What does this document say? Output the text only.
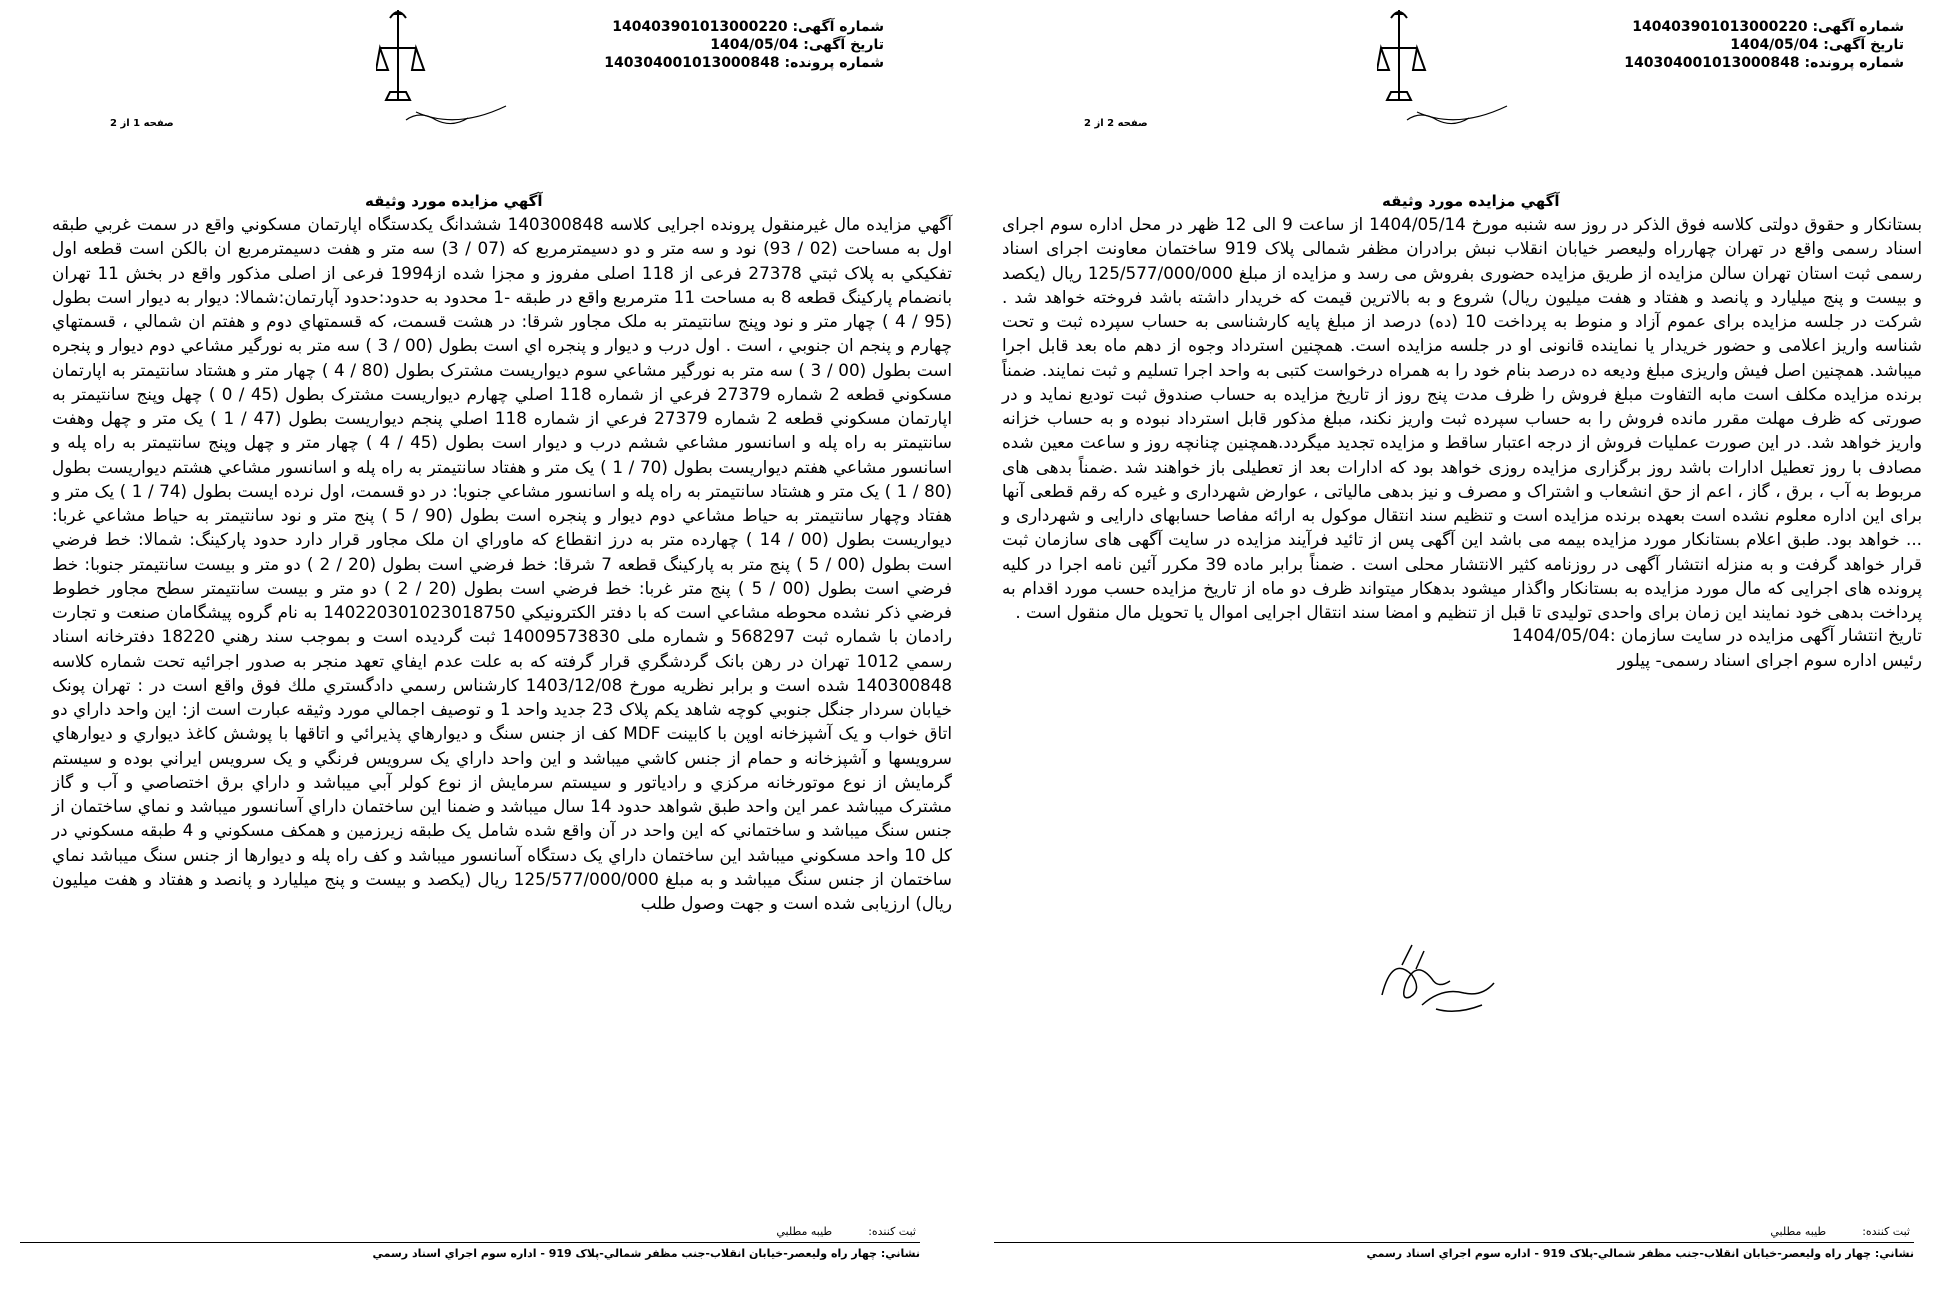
شماره آگهی: 140403901013000220
تاریخ آگهی: 1404/05/04
شماره پرونده: 140304001013000848
صفحه 1 از 2
آگهي مزايده مورد وثيقه

آگهي مزايده مال غيرمنقول پرونده اجرايی کلاسه 140300848 ششدانگ يکدستگاه اپارتمان مسکوني واقع در سمت غربي طبقه اول به مساحت (02 / 93) نود و سه متر و دو دسيمترمربع که (07 / 3) سه متر و هفت دسيمترمربع ان بالکن است قطعه اول تفکيکي به پلاک ثبتي 27378 فرعی از 118 اصلی مفروز و مجزا شده از1994 فرعی از اصلی مذکور واقع در بخش 11 تهران بانضمام پارکينگ قطعه 8 به مساحت 11 مترمربع واقع در طبقه -1 محدود به حدود:حدود آپارتمان:شمالا: ديوار به ديوار است بطول (95 / 4 ) چهار متر و نود وپنج سانتيمتر به ملک مجاور شرقا: در هشت قسمت، که قسمتهاي دوم و هفتم ان شمالي ، قسمتهاي چهارم و پنجم ان جنوبي ، است . اول درب و ديوار و پنجره اي است بطول (00 / 3 ) سه متر به نورگير مشاعي دوم ديوار و پنجره است بطول (00 / 3 ) سه متر به نورگير مشاعي سوم ديواريست مشترک بطول (80 / 4 ) چهار متر و هشتاد سانتيمتر به اپارتمان مسکوني قطعه 2 شماره 27379 فرعي از شماره 118 اصلي چهارم ديواريست مشترک بطول (45 / 0 ) چهل وپنج سانتيمتر به اپارتمان مسکوني قطعه 2 شماره 27379 فرعي از شماره 118 اصلي پنجم ديواريست بطول (47 / 1 ) يک متر و چهل وهفت سانتيمتر به راه پله و اسانسور مشاعي ششم درب و ديوار است بطول (45 / 4 ) چهار متر و چهل وپنج سانتيمتر به راه پله و اسانسور مشاعي هفتم ديواريست بطول (70 / 1 ) يک متر و هفتاد سانتيمتر به راه پله و اسانسور مشاعي هشتم ديواريست بطول (80 / 1 ) يک متر و هشتاد سانتيمتر به راه پله و اسانسور مشاعي جنوبا: در دو قسمت، اول نرده ايست بطول (74 / 1 ) يک متر و هفتاد وچهار سانتيمتر به حياط مشاعي دوم ديوار و پنجره است بطول (90 / 5 ) پنج متر و نود سانتيمتر به حياط مشاعي غربا: ديواريست بطول (00 / 14 ) چهارده متر به درز انقطاع که ماوراي ان ملک مجاور قرار دارد حدود پارکينگ: شمالا: خط فرضي است بطول (00 / 5 ) پنج متر به پارکينگ قطعه 7 شرقا: خط فرضي است بطول (20 / 2 ) دو متر و بيست سانتيمتر جنوبا: خط فرضي است بطول (00 / 5 ) پنج متر غربا: خط فرضي است بطول (20 / 2 ) دو متر و بيست سانتيمتر سطح مجاور خطوط فرضي ذکر نشده محوطه مشاعي است که با دفتر الکترونيکي 140220301023018750 به نام گروه پيشگامان صنعت و تجارت رادمان با شماره ثبت 568297 و شماره ملی 14009573830 ثبت گرديده است و بموجب سند رهني 18220 دفترخانه اسناد رسمي 1012 تهران در رهن بانک گردشگري قرار گرفته که به علت عدم ايفاي تعهد منجر به صدور اجرائيه تحت شماره کلاسه 140300848 شده است و برابر نظريه مورخ 1403/12/08 کارشناس رسمي دادگستري ملك فوق واقع است در : تهران پونک خيابان سردار جنگل جنوبي کوچه شاهد يکم پلاک 23 جديد واحد 1 و توصيف اجمالي مورد وثيقه عبارت است از: اين واحد داراي دو اتاق خواب و يک آشپزخانه اوپن با کابينت MDF کف از جنس سنگ و ديوارهاي پذيرائي و اتاقها با پوشش کاغذ ديواري و ديوارهاي سرويسها و آشپزخانه و حمام از جنس کاشي ميباشد و اين واحد داراي يک سرويس فرنگي و يک سرويس ايراني بوده و سيستم گرمايش از نوع موتورخانه مرکزي و رادياتور و سيستم سرمايش از نوع کولر آبي ميباشد و داراي برق اختصاصي و آب و گاز مشترک ميباشد عمر اين واحد طبق شواهد حدود 14 سال ميباشد و ضمنا اين ساختمان داراي آسانسور ميباشد و نماي ساختمان از جنس سنگ ميباشد و ساختماني که اين واحد در آن واقع شده شامل يک طبقه زيرزمين و همکف مسکوني و 4 طبقه مسکوني در کل 10 واحد مسکوني ميباشد اين ساختمان داراي يک دستگاه آسانسور ميباشد و کف راه پله و ديوارها از جنس سنگ ميباشد نماي ساختمان از جنس سنگ ميباشد و به مبلغ 125/577/000/000 ريال (يکصد و بيست و پنج ميليارد و پانصد و هفتاد و هفت ميليون ريال) ارزيابی شده است و جهت وصول طلب

ثبت کننده:
طيبه مطلبي
نشاني: چهار راه وليعصر-خيابان انقلاب-جنب مظفر شمالي-پلاک 919 - اداره سوم اجراي اسناد رسمي
شماره آگهی: 140403901013000220
تاریخ آگهی: 1404/05/04
شماره پرونده: 140304001013000848
صفحه 2 از 2
آگهي مزايده مورد وثيقه

بستانکار و حقوق دولتی کلاسه فوق الذکر در روز سه شنبه مورخ 1404/05/14 از ساعت 9 الی 12 ظهر در محل اداره سوم اجرای اسناد رسمی واقع در تهران چهارراه ولیعصر خیابان انقلاب نبش برادران مظفر شمالی پلاک 919 ساختمان معاونت اجرای اسناد رسمی ثبت استان تهران سالن مزایده از طریق مزایده حضوری بفروش می رسد و مزایده از مبلغ 125/577/000/000 ریال (یکصد و بیست و پنج میلیارد و پانصد و هفتاد و هفت میلیون ریال) شروع و به بالاترین قیمت که خریدار داشته باشد فروخته خواهد شد . شرکت در جلسه مزایده برای عموم آزاد و منوط به پرداخت 10 (ده) درصد از مبلغ پایه کارشناسی به حساب سپرده ثبت و تحت شناسه واریز اعلامی و حضور خریدار یا نماینده قانونی او در جلسه مزایده است. همچنین استرداد وجوه از دهم ماه بعد قابل اجرا میباشد. همچنین اصل فیش واریزی مبلغ ودیعه ده درصد بنام خود را به همراه درخواست کتبی به واحد اجرا تسلیم و ثبت نمایند. ضمناً برنده مزایده مکلف است مابه التفاوت مبلغ فروش را ظرف مدت پنج روز از تاریخ مزایده به حساب صندوق ثبت تودیع نماید و در صورتی که ظرف مهلت مقرر مانده فروش را به حساب سپرده ثبت واریز نکند، مبلغ مذکور قابل استرداد نبوده و به حساب خزانه واریز خواهد شد. در این صورت عملیات فروش از درجه اعتبار ساقط و مزایده تجدید میگردد.همچنین چنانچه روز و ساعت معین شده مصادف با روز تعطیل ادارات باشد روز برگزاری مزایده روزی خواهد بود که ادارات بعد از تعطیلی باز خواهند شد .ضمناً بدهی های مربوط به آب ، برق ، گاز ، اعم از حق انشعاب و اشتراک و مصرف و نیز بدهی مالیاتی ، عوارض شهرداری و غیره که رقم قطعی آنها برای این اداره معلوم نشده است بعهده برنده مزایده است و تنظیم سند انتقال موکول به ارائه مفاصا حسابهای دارایی و شهرداری و ... خواهد بود. طبق اعلام بستانکار مورد مزایده بیمه می باشد این آگهی پس از تائید فرآیند مزایده در سایت آگهی های سازمان ثبت قرار خواهد گرفت و به منزله انتشار آگهی در روزنامه کثیر الانتشار محلی است . ضمناً برابر ماده 39 مکرر آئین نامه اجرا در کلیه پرونده های اجرایی که مال مورد مزایده به بستانکار واگذار میشود بدهکار میتواند ظرف دو ماه از تاریخ مزایده حسب مورد اقدام به پرداخت بدهی خود نمایند این زمان برای واحدی تولیدی تا قبل از تنظیم و امضا سند انتقال اجرایی اموال یا تحویل مال منقول است .

تاریخ انتشار آگهی مزایده در سایت سازمان :1404/05/04

رئیس اداره سوم اجرای اسناد رسمی- پیلور

ثبت کننده:
طيبه مطلبي
نشاني: چهار راه وليعصر-خيابان انقلاب-جنب مظفر شمالي-پلاک 919 - اداره سوم اجراي اسناد رسمي
